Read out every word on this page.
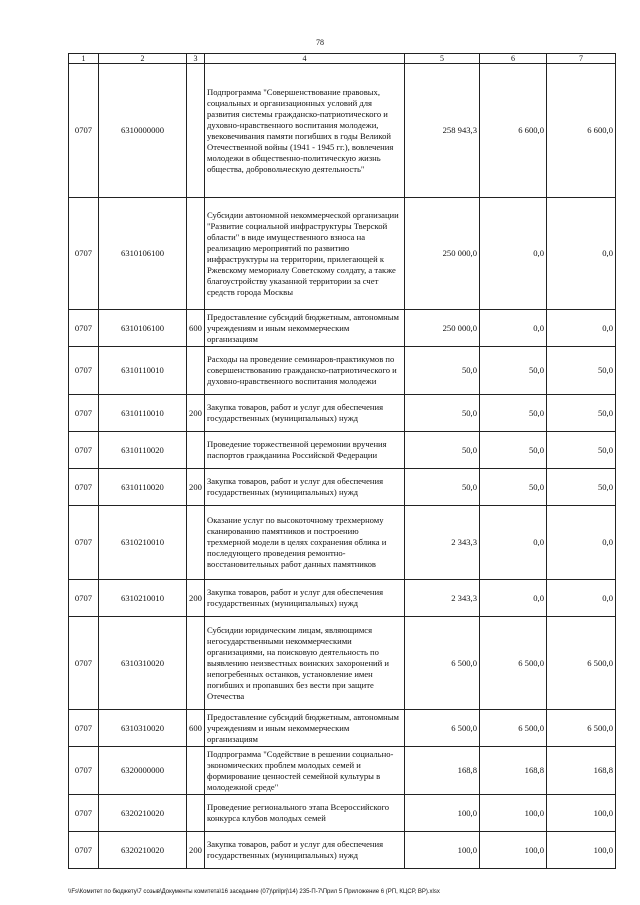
78
1	2	3	4	5	6	7
0707	6310000000		Подпрограмма "Совершенствование правовых, социальных и организационных условий для развития системы гражданско-патриотического и духовно-нравственного воспитания молодежи, увековечивания памяти погибших в годы Великой Отечественной войны (1941 - 1945 гг.), вовлечения молодежи в общественно-политическую жизнь общества, добровольческую деятельность"	258 943,3	6 600,0	6 600,0
0707	6310106100		Субсидии автономной некоммерческой организации "Развитие социальной инфраструктуры Тверской области" в виде имущественного взноса на реализацию мероприятий по развитию инфраструктуры на территории, прилегающей к Ржевскому мемориалу Советскому солдату, а также благоустройству указанной территории за счет средств города Москвы	250 000,0	0,0	0,0
0707	6310106100	600	Предоставление субсидий бюджетным, автономным учреждениям и иным некоммерческим организациям	250 000,0	0,0	0,0
0707	6310110010		Расходы на проведение семинаров-практикумов по совершенствованию гражданско-патриотического и духовно-нравственного воспитания молодежи	50,0	50,0	50,0
0707	6310110010	200	Закупка товаров, работ и услуг для обеспечения государственных (муниципальных) нужд	50,0	50,0	50,0
0707	6310110020		Проведение торжественной церемонии вручения паспортов гражданина Российской Федерации	50,0	50,0	50,0
0707	6310110020	200	Закупка товаров, работ и услуг для обеспечения государственных (муниципальных) нужд	50,0	50,0	50,0
0707	6310210010		Оказание услуг по высокоточному трехмерному сканированию памятников и построению трехмерной модели в целях сохранения облика и последующего проведения ремонтно-восстановительных работ данных памятников	2 343,3	0,0	0,0
0707	6310210010	200	Закупка товаров, работ и услуг для обеспечения государственных (муниципальных) нужд	2 343,3	0,0	0,0
0707	6310310020		Субсидии юридическим лицам, являющимся негосударственными некоммерческими организациями, на поисковую деятельность по выявлению неизвестных воинских захоронений и непогребенных останков, установление имен погибших и пропавших без вести при защите Отечества	6 500,0	6 500,0	6 500,0
0707	6310310020	600	Предоставление субсидий бюджетным, автономным учреждениям и иным некоммерческим организациям	6 500,0	6 500,0	6 500,0
0707	6320000000		Подпрограмма "Содействие в решении социально-экономических проблем молодых семей и формирование ценностей семейной культуры в молодежной среде"	168,8	168,8	168,8
0707	6320210020		Проведение регионального этапа Всероссийского конкурса клубов молодых семей	100,0	100,0	100,0
0707	6320210020	200	Закупка товаров, работ и услуг для обеспечения государственных (муниципальных) нужд	100,0	100,0	100,0
\\Fs\Комитет по бюджету\7 созыв\Документы комитета\16 заседание (07)\prilprj\14) 235-П-7\Прил 5 Приложение 6 (РП, КЦСР, ВР).xlsx
